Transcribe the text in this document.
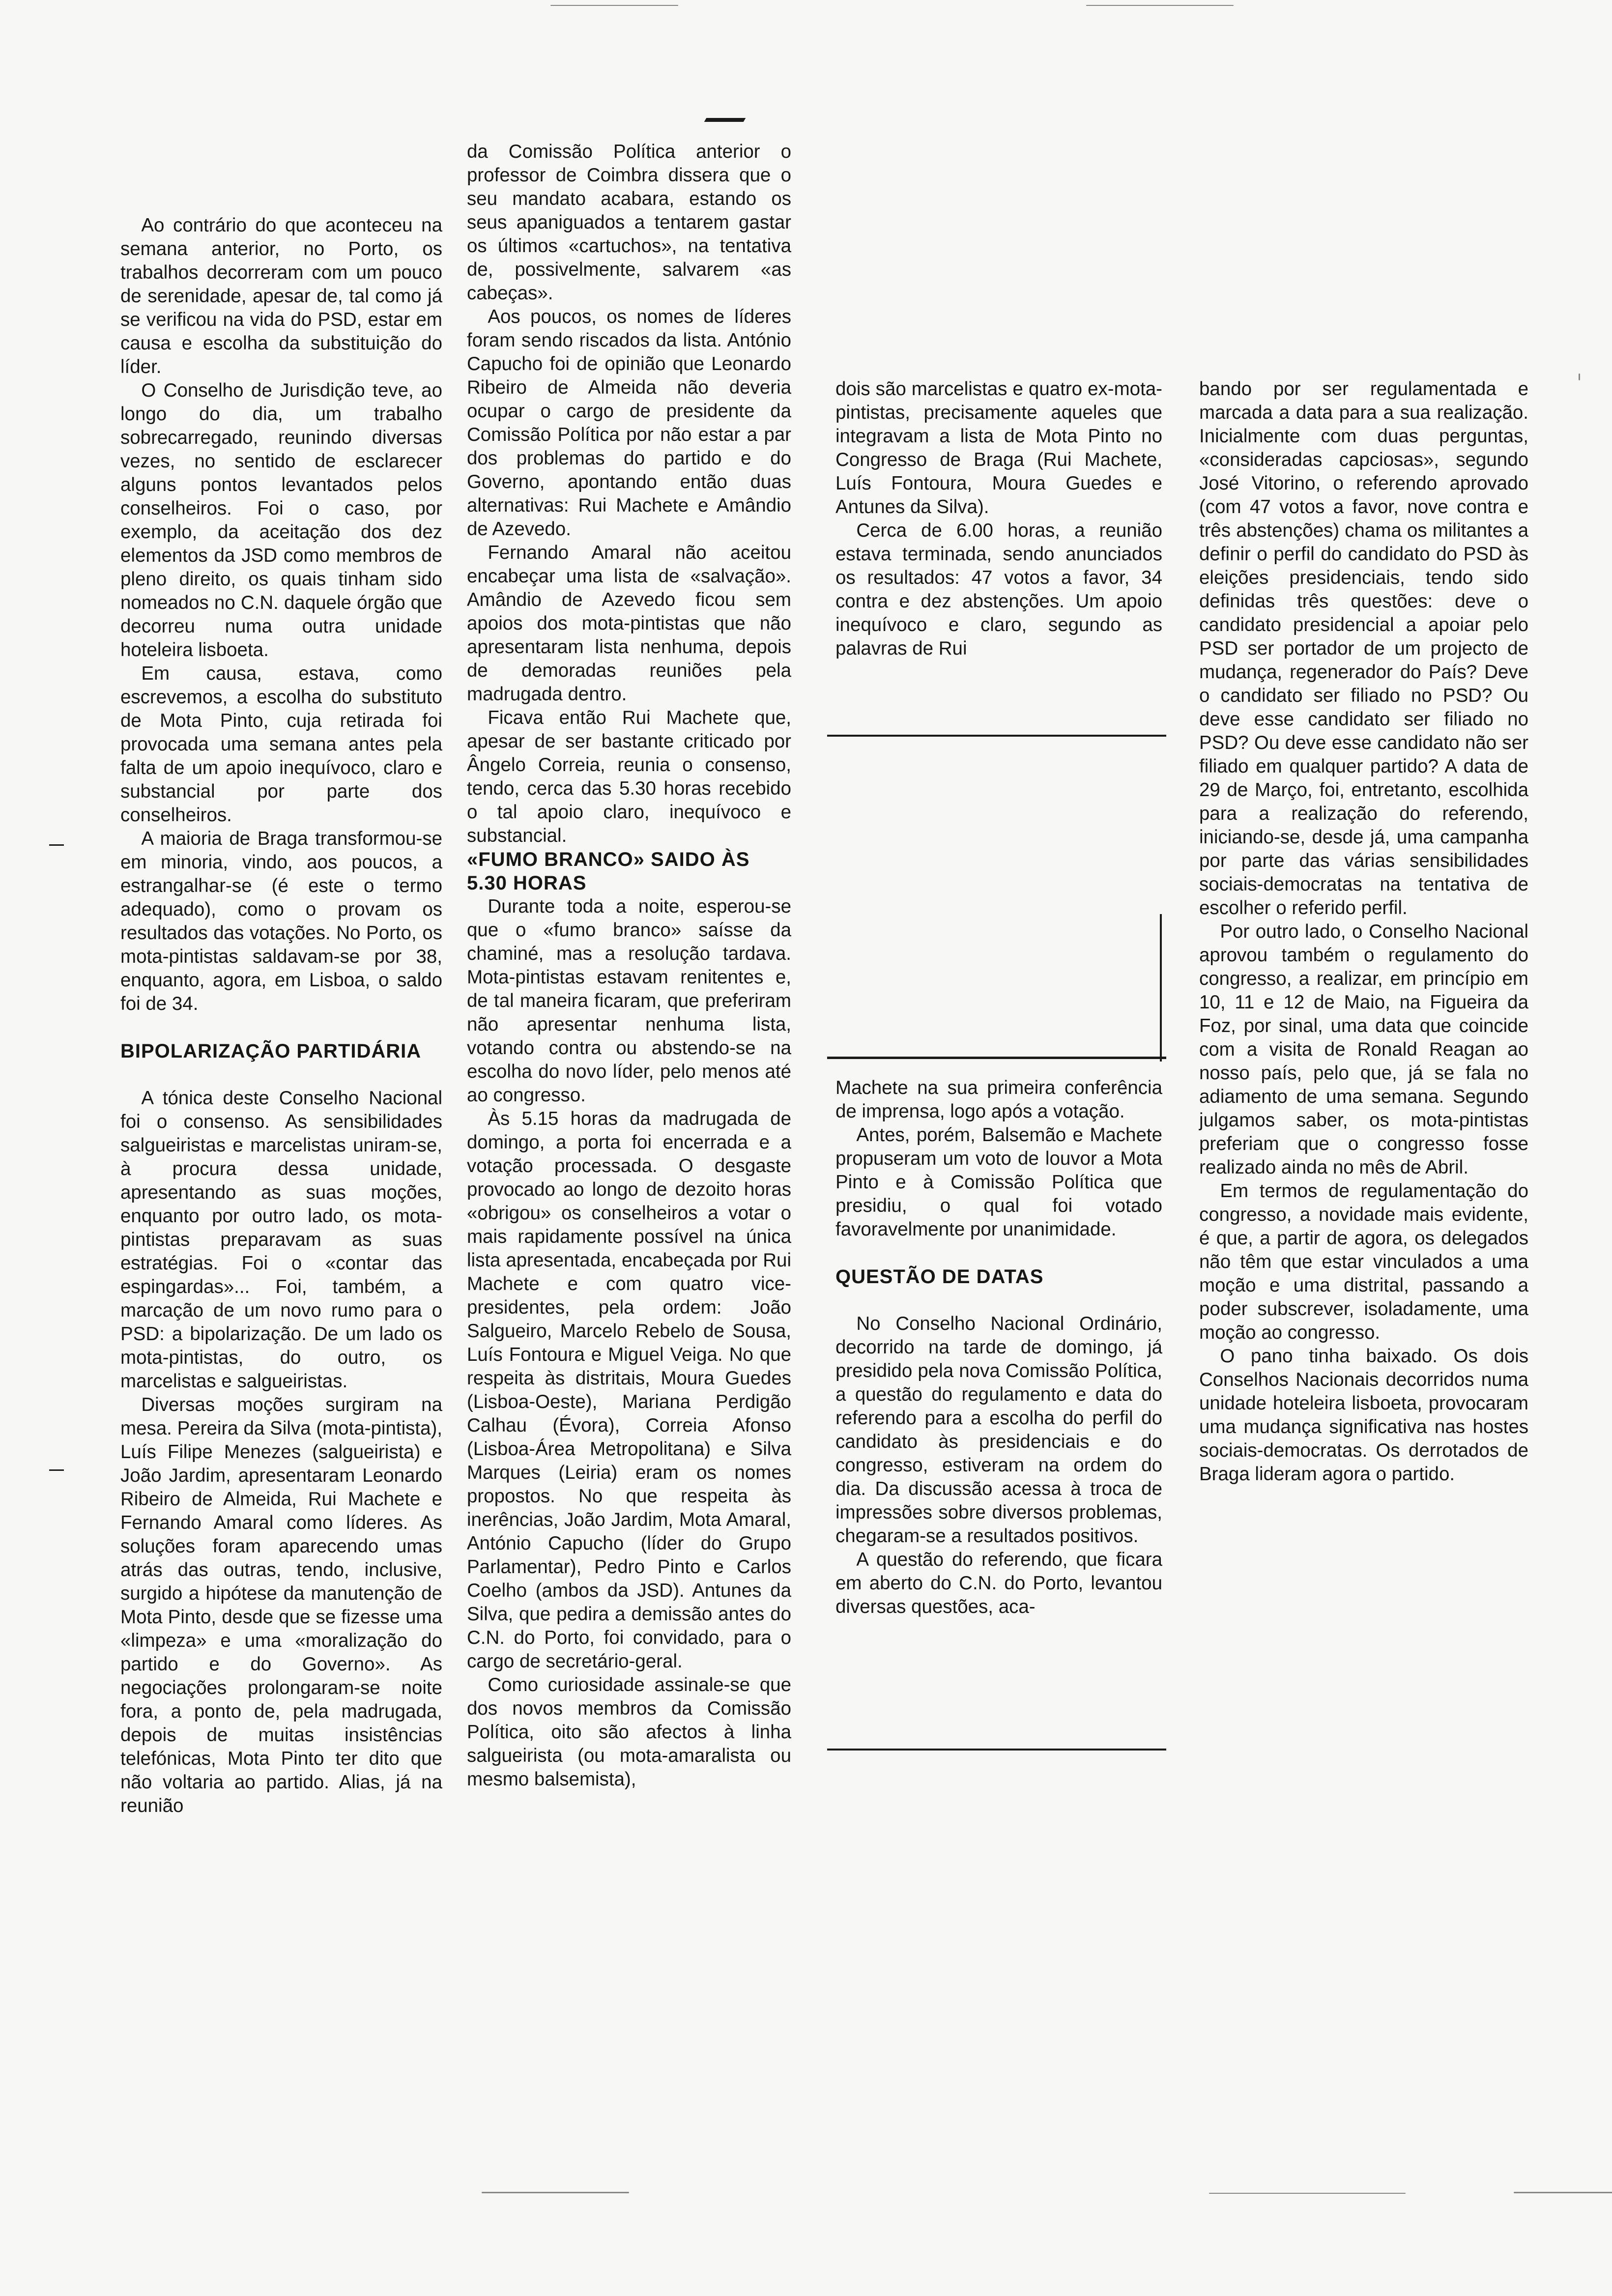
Ao contrário do que aconteceu na semana anterior, no Porto, os trabalhos decorreram com um pouco de serenidade, apesar de, tal como já se verificou na vida do PSD, estar em causa e escolha da substituição do líder.

O Conselho de Jurisdição teve, ao longo do dia, um trabalho sobrecarregado, reunindo diversas vezes, no sentido de esclarecer alguns pontos levantados pelos conselheiros. Foi o caso, por exemplo, da aceitação dos dez elementos da JSD como membros de pleno direito, os quais tinham sido nomeados no C.N. daquele órgão que decorreu numa outra unidade hoteleira lisboeta.

Em causa, estava, como escrevemos, a escolha do substituto de Mota Pinto, cuja retirada foi provocada uma semana antes pela falta de um apoio inequívoco, claro e substancial por parte dos conselheiros.

A maioria de Braga transformou-se em minoria, vindo, aos poucos, a estrangalhar-se (é este o termo adequado), como o provam os resultados das votações. No Porto, os mota-pintistas saldavam-se por 38, enquanto, agora, em Lisboa, o saldo foi de 34.

BIPOLARIZAÇÃO PARTIDÁRIA

A tónica deste Conselho Nacional foi o consenso. As sensibilidades salgueiristas e marcelistas uniram-se, à procura dessa unidade, apresentando as suas moções, enquanto por outro lado, os mota-pintistas preparavam as suas estratégias. Foi o «contar das espingardas»... Foi, também, a marcação de um novo rumo para o PSD: a bipolarização. De um lado os mota-pintistas, do outro, os marcelistas e salgueiristas.

Diversas moções surgiram na mesa. Pereira da Silva (mota-pintista), Luís Filipe Menezes (salgueirista) e João Jardim, apresentaram Leonardo Ribeiro de Almeida, Rui Machete e Fernando Amaral como líderes. As soluções foram aparecendo umas atrás das outras, tendo, inclusive, surgido a hipótese da manutenção de Mota Pinto, desde que se fizesse uma «limpeza» e uma «moralização do partido e do Governo». As negociações prolongaram-se noite fora, a ponto de, pela madrugada, depois de muitas insistências telefónicas, Mota Pinto ter dito que não voltaria ao partido. Alias, já na reunião

da Comissão Política anterior o professor de Coimbra dissera que o seu mandato acabara, estando os seus apaniguados a tentarem gastar os últimos «cartuchos», na tentativa de, possivelmente, salvarem «as cabeças».

Aos poucos, os nomes de líderes foram sendo riscados da lista. António Capucho foi de opinião que Leonardo Ribeiro de Almeida não deveria ocupar o cargo de presidente da Comissão Política por não estar a par dos problemas do partido e do Governo, apontando então duas alternativas: Rui Machete e Amândio de Azevedo.

Fernando Amaral não aceitou encabeçar uma lista de «salvação». Amândio de Azevedo ficou sem apoios dos mota-pintistas que não apresentaram lista nenhuma, depois de demoradas reuniões pela madrugada dentro.

Ficava então Rui Machete que, apesar de ser bastante criticado por Ângelo Correia, reunia o consenso, tendo, cerca das 5.30 horas recebido o tal apoio claro, inequívoco e substancial.

«FUMO BRANCO» SAIDO ÀS 5.30 HORAS

Durante toda a noite, esperou-se que o «fumo branco» saísse da chaminé, mas a resolução tardava. Mota-pintistas estavam renitentes e, de tal maneira ficaram, que preferiram não apresentar nenhuma lista, votando contra ou abstendo-se na escolha do novo líder, pelo menos até ao congresso.

Às 5.15 horas da madrugada de domingo, a porta foi encerrada e a votação processada. O desgaste provocado ao longo de dezoito horas «obrigou» os conselheiros a votar o mais rapidamente possível na única lista apresentada, encabeçada por Rui Machete e com quatro vice-presidentes, pela ordem: João Salgueiro, Marcelo Rebelo de Sousa, Luís Fontoura e Miguel Veiga. No que respeita às distritais, Moura Guedes (Lisboa-Oeste), Mariana Perdigão Calhau (Évora), Correia Afonso (Lisboa-Área Metropolitana) e Silva Marques (Leiria) eram os nomes propostos. No que respeita às inerências, João Jardim, Mota Amaral, António Capucho (líder do Grupo Parlamentar), Pedro Pinto e Carlos Coelho (ambos da JSD). Antunes da Silva, que pedira a demissão antes do C.N. do Porto, foi convidado, para o cargo de secretário-geral.

Como curiosidade assinale-se que dos novos membros da Comissão Política, oito são afectos à linha salgueirista (ou mota-amaralista ou mesmo balsemista),

dois são marcelistas e quatro ex-mota-pintistas, precisamente aqueles que integravam a lista de Mota Pinto no Congresso de Braga (Rui Machete, Luís Fontoura, Moura Guedes e Antunes da Silva).

Cerca de 6.00 horas, a reunião estava terminada, sendo anunciados os resultados: 47 votos a favor, 34 contra e dez abstenções. Um apoio inequívoco e claro, segundo as palavras de Rui

Machete na sua primeira conferência de imprensa, logo após a votação.

Antes, porém, Balsemão e Machete propuseram um voto de louvor a Mota Pinto e à Comissão Política que presidiu, o qual foi votado favoravelmente por unanimidade.

QUESTÃO DE DATAS

No Conselho Nacional Ordinário, decorrido na tarde de domingo, já presidido pela nova Comissão Política, a questão do regulamento e data do referendo para a escolha do perfil do candidato às presidenciais e do congresso, estiveram na ordem do dia. Da discussão acessa à troca de impressões sobre diversos problemas, chegaram-se a resultados positivos.

A questão do referendo, que ficara em aberto do C.N. do Porto, levantou diversas questões, aca-

bando por ser regulamentada e marcada a data para a sua realização. Inicialmente com duas perguntas, «consideradas capciosas», segundo José Vitorino, o referendo aprovado (com 47 votos a favor, nove contra e três abstenções) chama os militantes a definir o perfil do candidato do PSD às eleições presidenciais, tendo sido definidas três questões: deve o candidato presidencial a apoiar pelo PSD ser portador de um projecto de mudança, regenerador do País? Deve o candidato ser filiado no PSD? Ou deve esse candidato ser filiado no PSD? Ou deve esse candidato não ser filiado em qualquer partido? A data de 29 de Março, foi, entretanto, escolhida para a realização do referendo, iniciando-se, desde já, uma campanha por parte das várias sensibilidades sociais-democratas na tentativa de escolher o referido perfil.

Por outro lado, o Conselho Nacional aprovou também o regulamento do congresso, a realizar, em princípio em 10, 11 e 12 de Maio, na Figueira da Foz, por sinal, uma data que coincide com a visita de Ronald Reagan ao nosso país, pelo que, já se fala no adiamento de uma semana. Segundo julgamos saber, os mota-pintistas preferiam que o congresso fosse realizado ainda no mês de Abril.

Em termos de regulamentação do congresso, a novidade mais evidente, é que, a partir de agora, os delegados não têm que estar vinculados a uma moção e uma distrital, passando a poder subscrever, isoladamente, uma moção ao congresso.

O pano tinha baixado. Os dois Conselhos Nacionais decorridos numa unidade hoteleira lisboeta, provocaram uma mudança significativa nas hostes sociais-democratas. Os derrotados de Braga lideram agora o partido.
